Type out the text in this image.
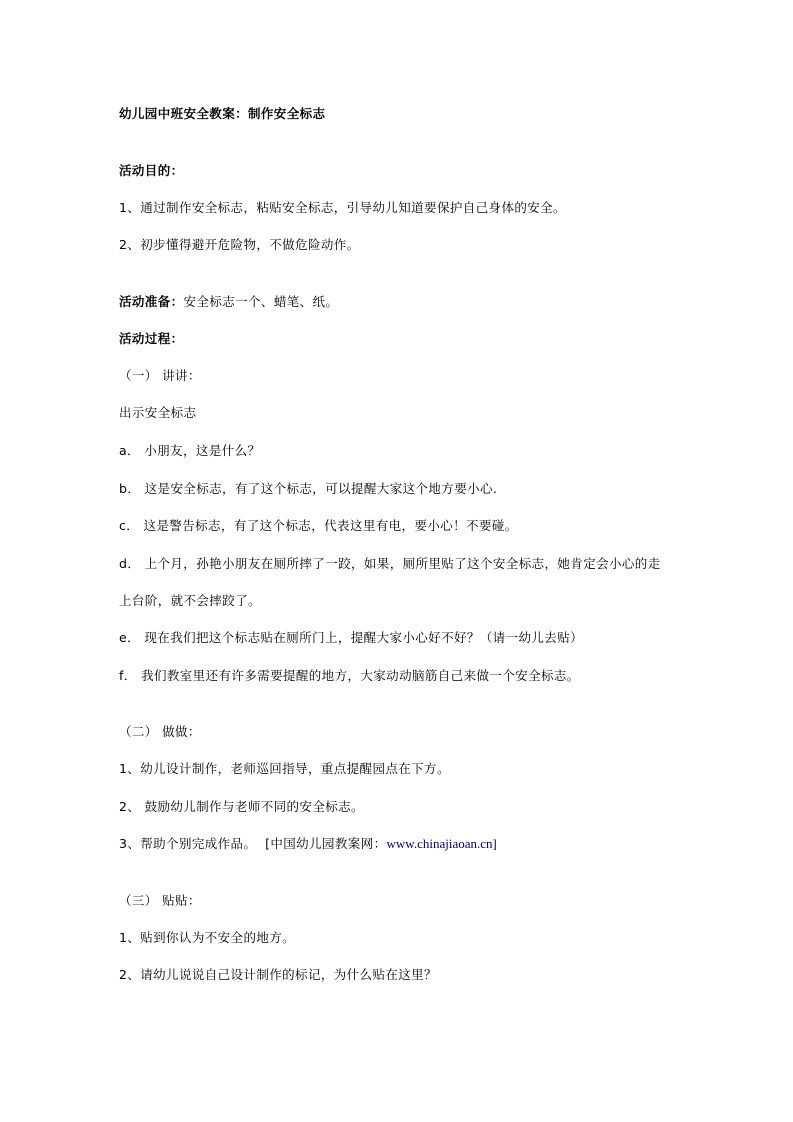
幼儿园中班安全教案：制作安全标志
活动目的：
1、通过制作安全标志，粘贴安全标志，引导幼儿知道要保护自己身体的安全。
2、初步懂得避开危险物，不做危险动作。
活动准备：安全标志一个、蜡笔、纸。
活动过程：
（一） 讲讲：
出示安全标志
a． 小朋友，这是什么？
b． 这是安全标志，有了这个标志，可以提醒大家这个地方要小心.
c． 这是警告标志，有了这个标志，代表这里有电，要小心！不要碰。
d． 上个月，孙艳小朋友在厕所摔了一跤，如果，厕所里贴了这个安全标志，她肯定会小心的走
上台阶，就不会摔跤了。
e． 现在我们把这个标志贴在厕所门上，提醒大家小心好不好？（请一幼儿去贴）
f． 我们教室里还有许多需要提醒的地方，大家动动脑筋自己来做一个安全标志。
（二） 做做：
1、幼儿设计制作，老师巡回指导，重点提醒园点在下方。
2、 鼓励幼儿制作与老师不同的安全标志。
3、帮助个别完成作品。  [中国幼儿园教案网：www.chinajiaoan.cn]
（三） 贴贴：
1、贴到你认为不安全的地方。
2、请幼儿说说自己设计制作的标记，为什么贴在这里？
